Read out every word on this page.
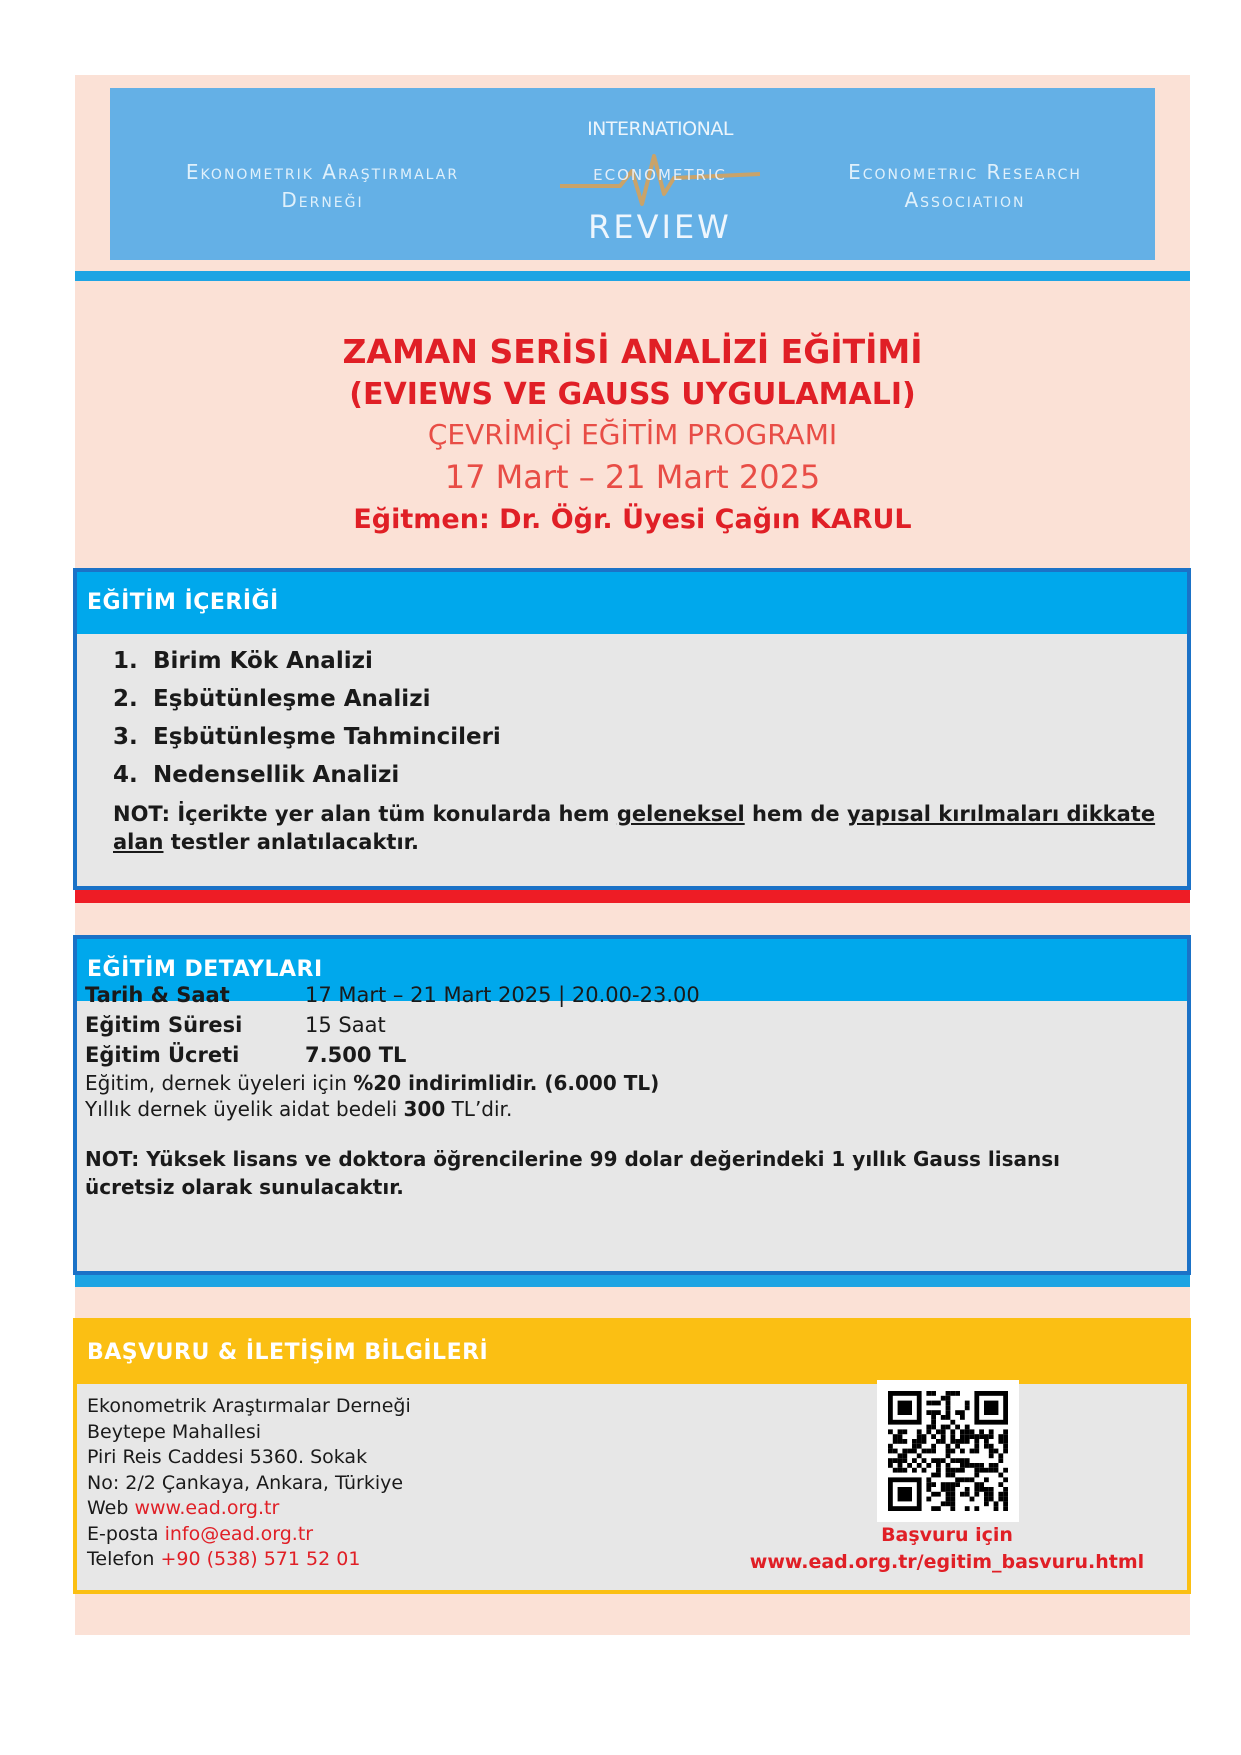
Ekonometrik Araştırmalar
Derneği
INTERNATIONAL
ECONOMETRIC
REVIEW
Econometric Research
Association
ZAMAN SERİSİ ANALİZİ EĞİTİMİ
(EVIEWS VE GAUSS UYGULAMALI)
ÇEVRİMİÇİ EĞİTİM PROGRAMI
17 Mart – 21 Mart 2025
Eğitmen: Dr. Öğr. Üyesi Çağın KARUL
EĞİTİM İÇERİĞİ
1. Birim Kök Analizi
2. Eşbütünleşme Analizi
3. Eşbütünleşme Tahmincileri
4. Nedensellik Analizi
NOT: İçerikte yer alan tüm konularda hem geleneksel hem de yapısal kırılmaları dikkate alan testler anlatılacaktır.
EĞİTİM DETAYLARI
Tarih & Saat	17 Mart – 21 Mart 2025 | 20.00-23.00
Eğitim Süresi	15 Saat
Eğitim Ücreti	7.500 TL
Eğitim, dernek üyeleri için %20 indirimlidir. (6.000 TL)
Yıllık dernek üyelik aidat bedeli 300 TL’dir.
NOT: Yüksek lisans ve doktora öğrencilerine 99 dolar değerindeki 1 yıllık Gauss lisansı ücretsiz olarak sunulacaktır.
BAŞVURU & İLETİŞİM BİLGİLERİ
Ekonometrik Araştırmalar Derneği
Beytepe Mahallesi
Piri Reis Caddesi 5360. Sokak
No: 2/2 Çankaya, Ankara, Türkiye
Web www.ead.org.tr
E-posta info@ead.org.tr
Telefon +90 (538) 571 52 01
Başvuru için
www.ead.org.tr/egitim_basvuru.html
